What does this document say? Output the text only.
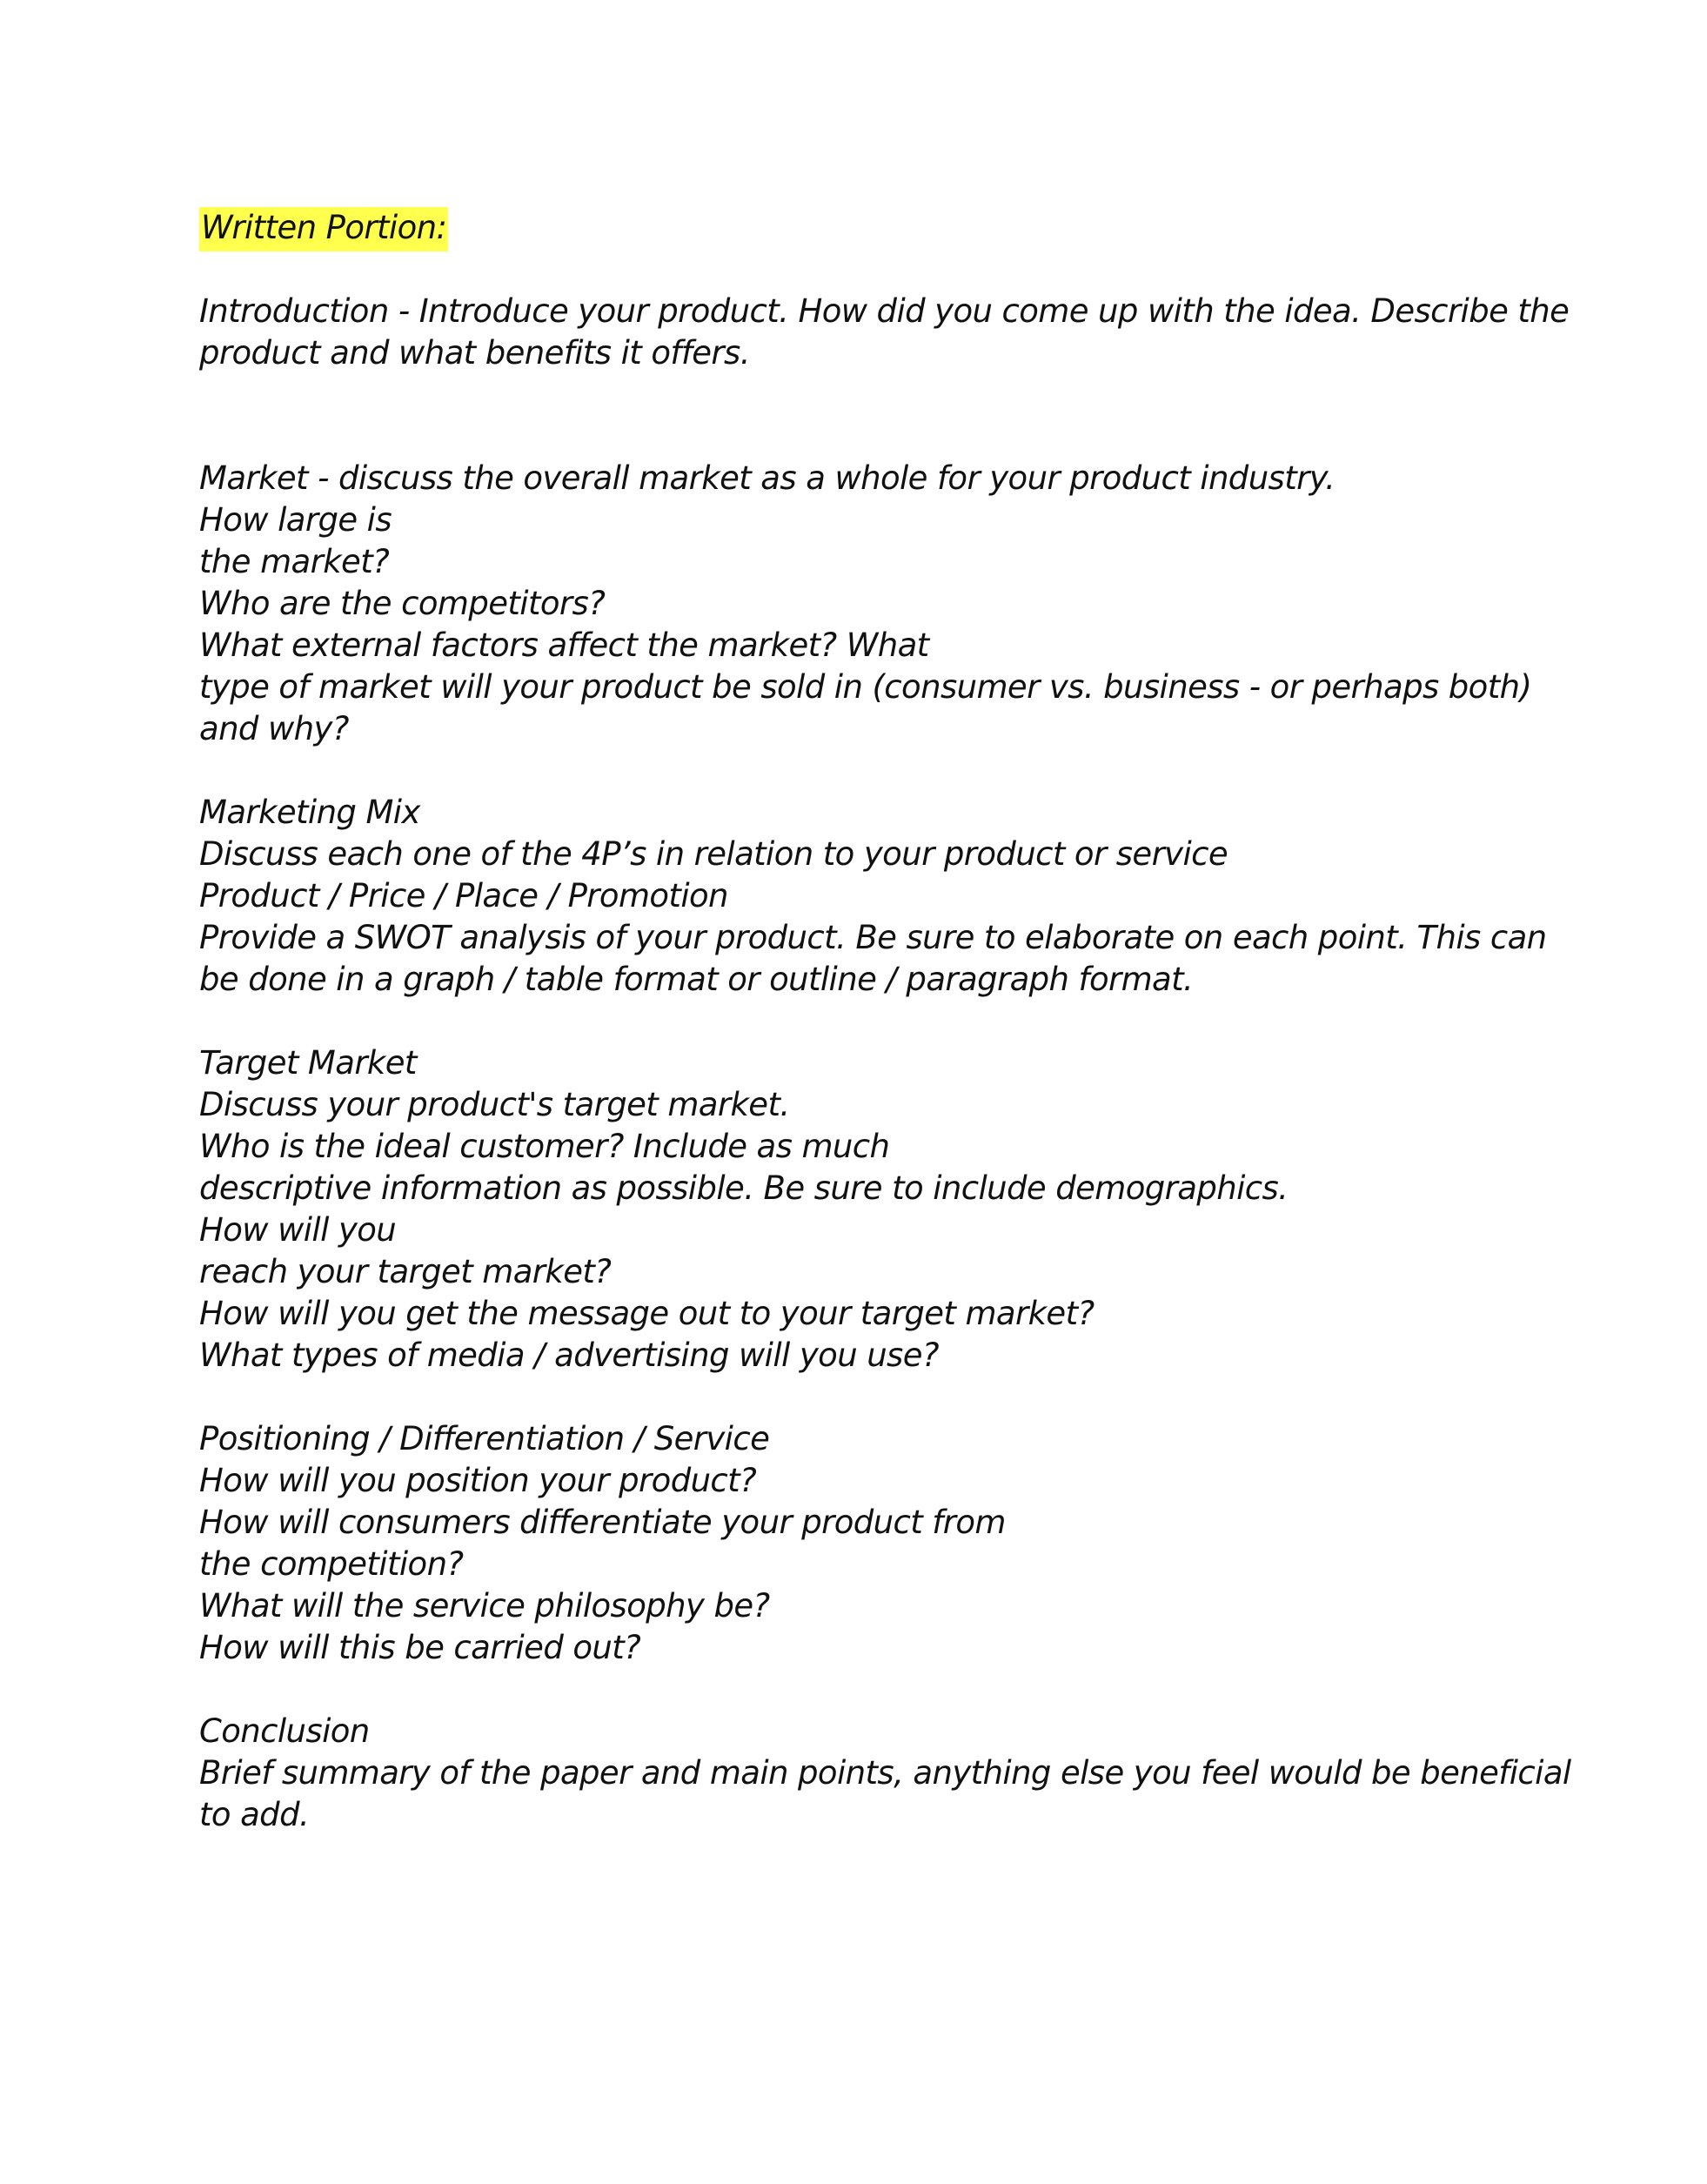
Written Portion:
Introduction - Introduce your product. How did you come up with the idea. Describe the
product and what benefits it offers.
Market - discuss the overall market as a whole for your product industry.
How large is
the market?
Who are the competitors?
What external factors affect the market? What
type of market will your product be sold in (consumer vs. business - or perhaps both)
and why?
Marketing Mix
Discuss each one of the 4P’s in relation to your product or service
Product / Price / Place / Promotion
Provide a SWOT analysis of your product. Be sure to elaborate on each point. This can
be done in a graph / table format or outline / paragraph format.
Target Market
Discuss your product's target market.
Who is the ideal customer? Include as much
descriptive information as possible. Be sure to include demographics.
How will you
reach your target market?
How will you get the message out to your target market?
What types of media / advertising will you use?
Positioning / Differentiation / Service
How will you position your product?
How will consumers differentiate your product from
the competition?
What will the service philosophy be?
How will this be carried out?
Conclusion
Brief summary of the paper and main points, anything else you feel would be beneficial
to add.
